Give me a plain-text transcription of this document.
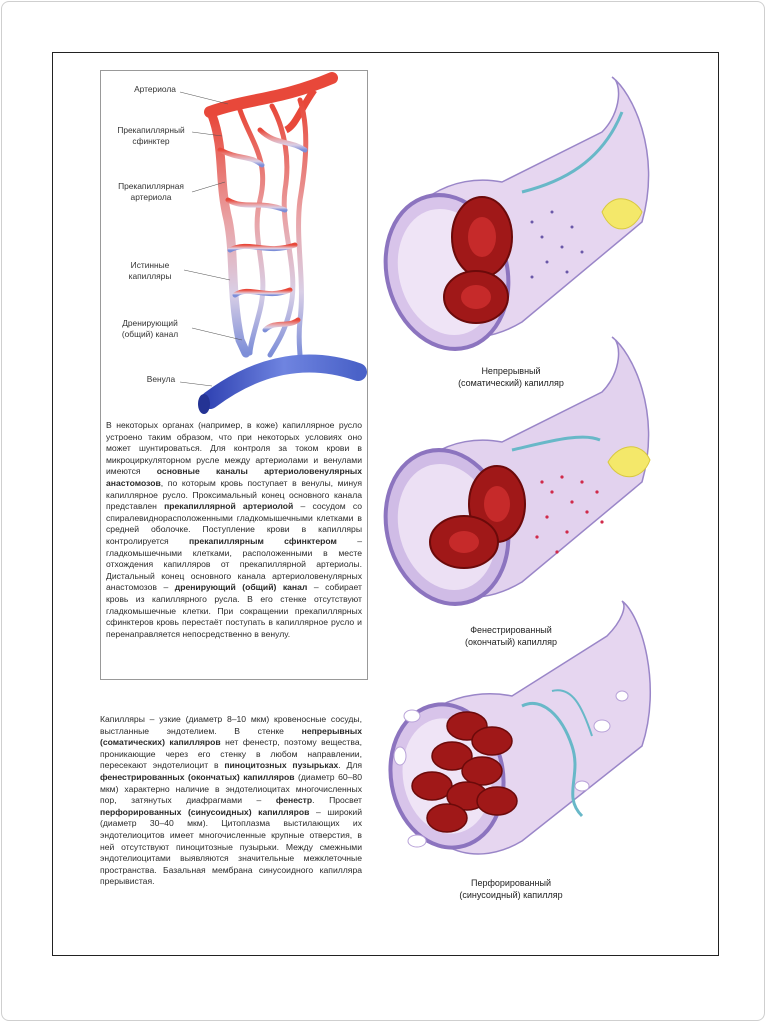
Артериола
Прекапиллярный
сфинктер
Прекапиллярная
артериола
Истинные
капилляры
Дренирующий
(общий) канал
Венула
В некоторых органах (например, в коже) капиллярное русло устроено таким образом, что при некоторых условиях оно может шунтироваться. Для контроля за током крови в микроциркуляторном русле между артериолами и венулами имеются основные каналы артериоловенулярных анастомозов, по которым кровь поступает в венулы, минуя капиллярное русло. Проксимальный конец основного канала представлен прекапиллярной артериолой – сосудом со спиралевиднорасположенными гладкомышечными клетками в средней оболочке. Поступление крови в капилляры контролируется прекапиллярным сфинктером – гладкомышечными клетками, расположенными в месте отхождения капилляров от прекапиллярной артериолы. Дистальный конец основного канала артериоловенулярных анастомозов – дренирующий (общий) канал – собирает кровь из капиллярного русла. В его стенке отсутствуют гладкомышечные клетки. При сокращении прекапиллярных сфинктеров кровь перестаёт поступать в капиллярное русло и перенаправляется непосредственно в венулу.
Капилляры – узкие (диаметр 8–10 мкм) кровеносные сосуды, выстланные эндотелием. В стенке непрерывных (соматических) капилляров нет фенестр, поэтому вещества, проникающие через его стенку в любом направлении, пересекают эндотелиоцит в пиноцитозных пузырьках. Для фенестрированных (окончатых) капилляров (диаметр 60–80 мкм) характерно наличие в эндотелиоцитах многочисленных пор, затянутых диафрагмами – фенестр. Просвет перфорированных (синусоидных) капилляров – широкий (диаметр 30–40 мкм). Цитоплазма выстилающих их эндотелиоцитов имеет многочисленные крупные отверстия, в ней отсутствуют пиноцитозные пузырьки. Между смежными эндотелиоцитами выявляются значительные межклеточные пространства. Базальная мембрана синусоидного капилляра прерывистая.
Непрерывный
(соматический) капилляр
Фенестрированный
(окончатый) капилляр
Перфорированный
(синусоидный) капилляр
